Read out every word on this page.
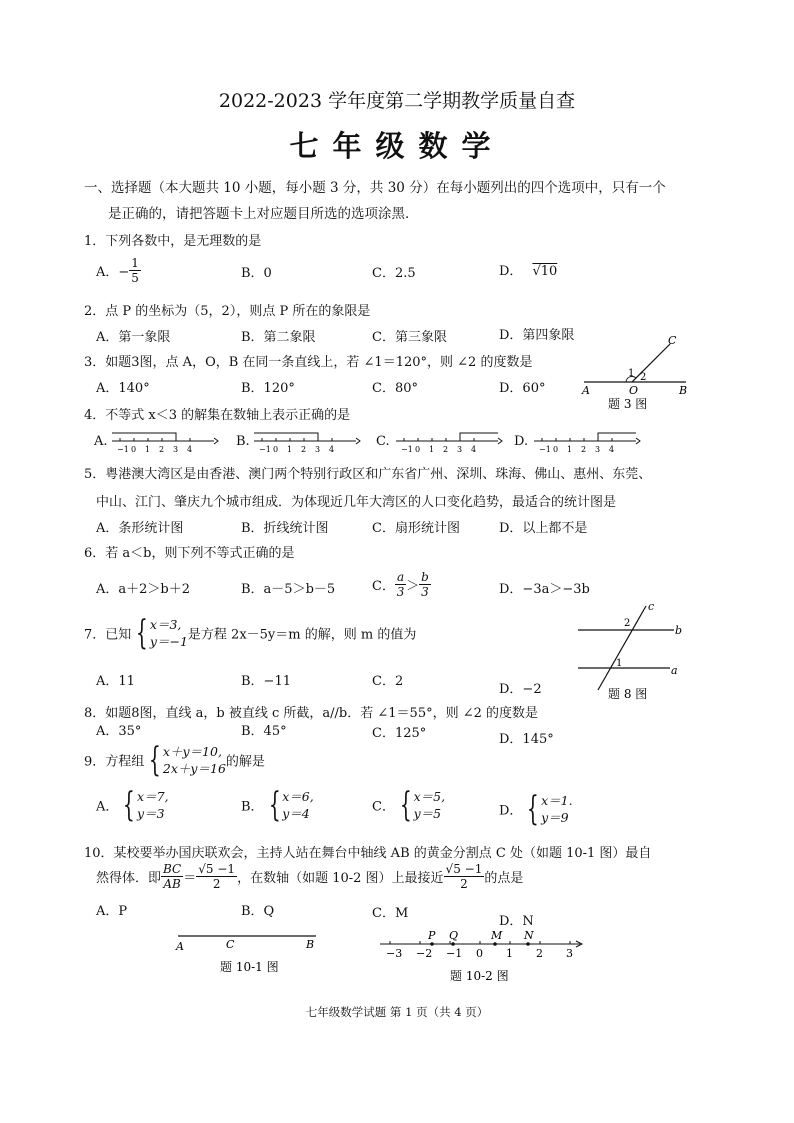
2022-2023 学年度第二学期教学质量自查
七年级数学
一、选择题（本大题共 10 小题，每小题 3 分，共 30 分）在每小题列出的四个选项中，只有一个
是正确的，请把答题卡上对应题目所选的选项涂黑．
1．下列各数中，是无理数的是
A．− $\frac{1}{5}$	B．0	C．2.5	D． √10
2．点 P 的坐标为（5，2），则点 P 所在的象限是
A．第一象限	B．第二象限	C．第三象限	D．第四象限
3．如题3图，点 A，O，B 在同一条直线上，若 ∠1＝120°，则 ∠2 的度数是
A．140°	B．120°	C．80°	D．60°	A	O	B
C
1 2
题 3 图
4．不等式 x＜3 的解集在数轴上表示正确的是
A.	B.	C.	D.
−1 0 1 2 3 4	−1 0 1 2 3 4	−1 0 1 2 3 4	−1 0 1 2 3 4
5．粤港澳大湾区是由香港、澳门两个特别行政区和广东省广州、深圳、珠海、佛山、惠州、东莞、
中山、江门、肇庆九个城市组成．为体现近几年大湾区的人口变化趋势，最适合的统计图是
A．条形统计图	B．折线统计图	C．扇形统计图	D．以上都不是
6．若 a＜b，则下列不等式正确的是
A．a＋2＞b＋2	B．a－5＞b－5	C． $\frac{a}{3} > \frac{b}{3}$	D．−3a＞−3b
7．已知 { x＝3,
y＝−1 是方程 2x－5y＝m 的解，则 m 的值为
A．11	B．−11	C．2
D．−2
c
b
a
2
1
题 8 图
8．如题8图，直线 a，b 被直线 c 所截，a//b．若 ∠1＝55°，则 ∠2 的度数是
A．35°	B．45°	C．125°	D．145°
9．方程组 { x＋y＝10,
2x＋y＝16 的解是
A． { x＝7,
y＝3	B． { x＝6,
y＝4	C． { x＝5,
y＝5	D． { x＝1.
y＝9
10．某校要举办国庆联欢会，主持人站在舞台中轴线 AB 的黄金分割点 C 处（如题 10-1 图）最自
然得体．即 $\frac{BC}{AB} = \frac{√5 -1}{2}$ ，在数轴（如题 10-2 图）上最接近 $\frac{√5 -1}{2}$ 的点是
A．P	B．Q	C．M
D．N
A	C	B
题 10-1 图
−3 −2 −1 0 1 2 3
P Q	M N
题 10-2 图
七年级数学试题 第 1 页（共 4 页）
